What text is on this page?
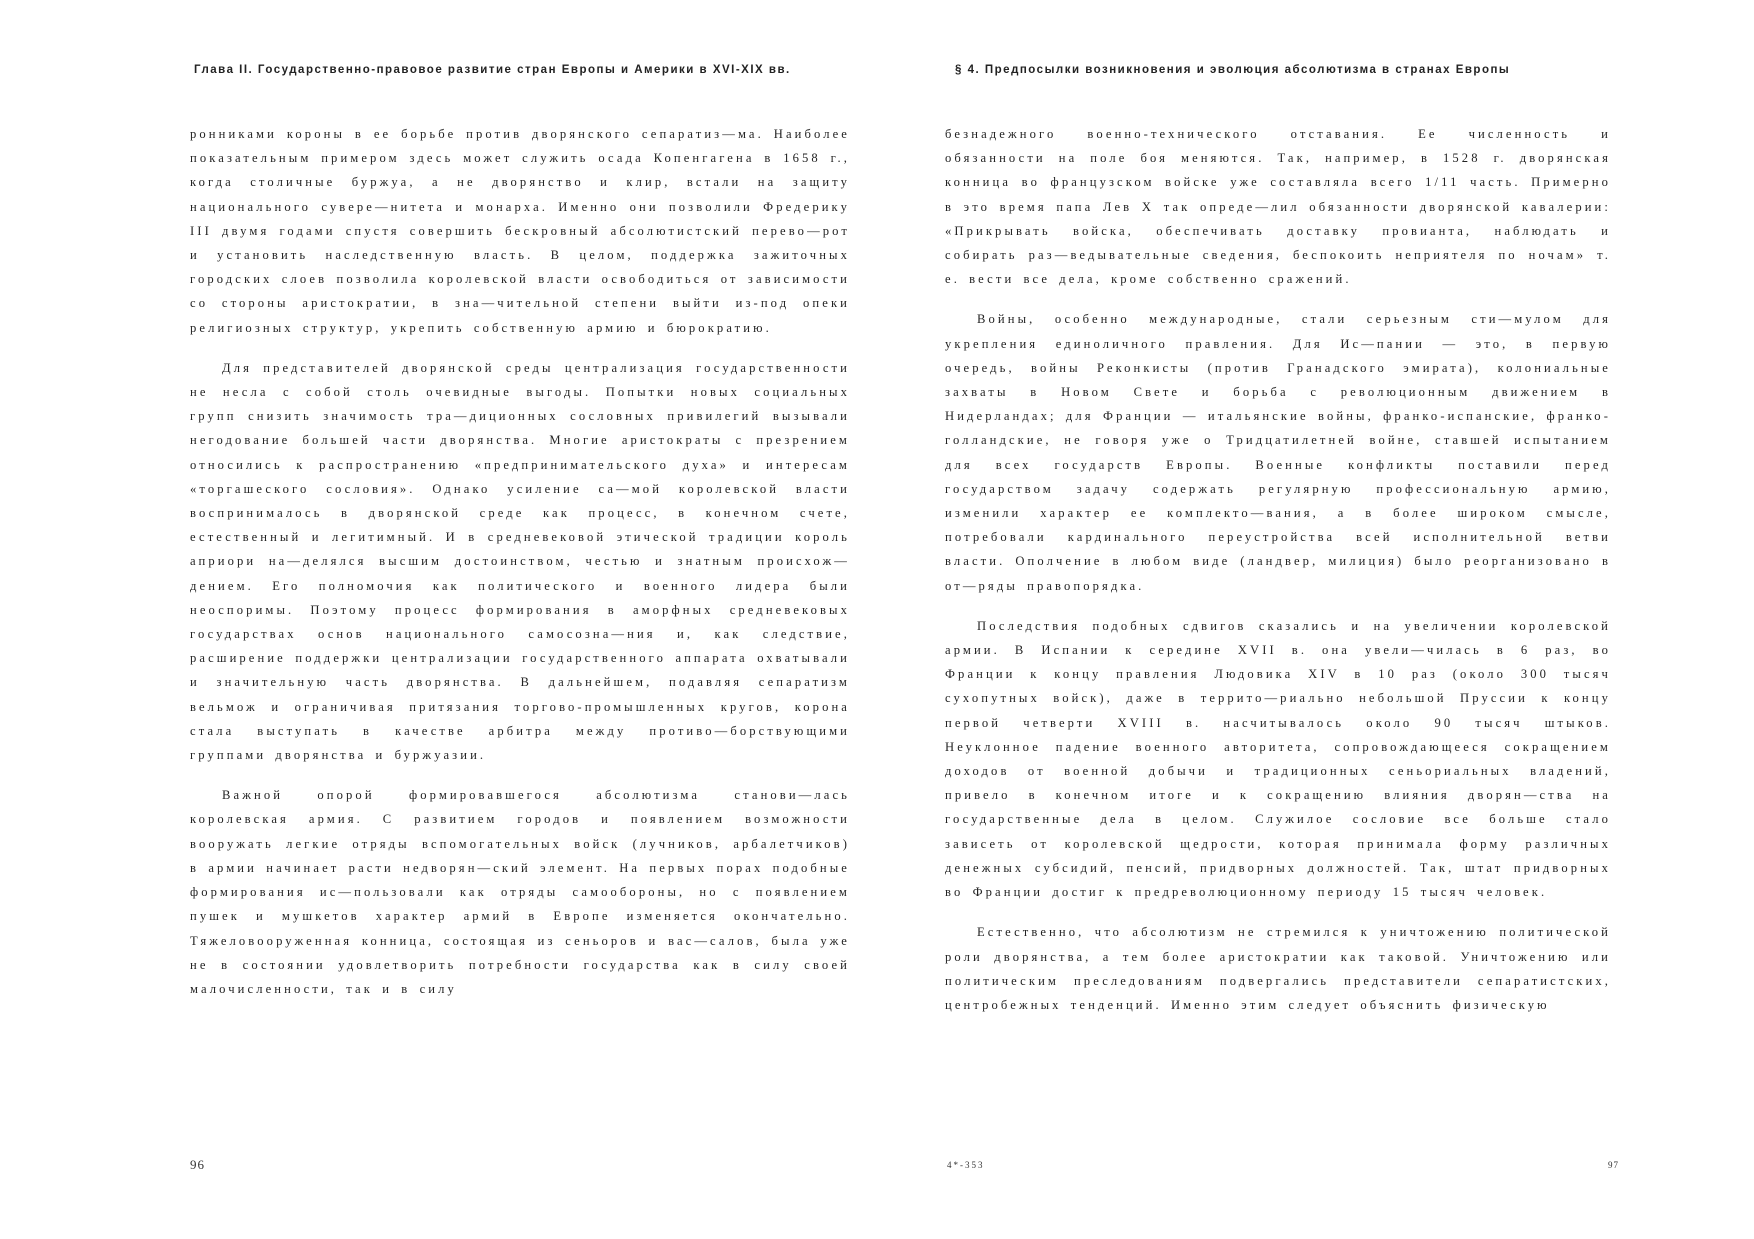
Глава II. Государственно-правовое развитие стран Европы и Америки в XVI-XIX вв.

ронниками короны в ее борьбе против дворянского сепаратиз—ма. Наиболее показательным примером здесь может служить осада Копенгагена в 1658 г., когда столичные буржуа, а не дворянство и клир, встали на защиту национального сувере—нитета и монарха. Именно они позволили Фредерику III двумя годами спустя совершить бескровный абсолютистский перево—рот и установить наследственную власть. В целом, поддержка зажиточных городских слоев позволила королевской власти освободиться от зависимости со стороны аристократии, в зна—чительной степени выйти из-под опеки религиозных структур, укрепить собственную армию и бюрократию.

Для представителей дворянской среды централизация государственности не несла с собой столь очевидные выгоды. Попытки новых социальных групп снизить значимость тра—диционных сословных привилегий вызывали негодование большей части дворянства. Многие аристократы с презрением относились к распространению «предпринимательского духа» и интересам «торгашеского сословия». Однако усиление са—мой королевской власти воспринималось в дворянской среде как процесс, в конечном счете, естественный и легитимный. И в средневековой этической традиции король априори на—делялся высшим достоинством, честью и знатным происхож—дением. Его полномочия как политического и военного лидера были неоспоримы. Поэтому процесс формирования в аморфных средневековых государствах основ национального самосозна—ния и, как следствие, расширение поддержки централизации государственного аппарата охватывали и значительную часть дворянства. В дальнейшем, подавляя сепаратизм вельмож и ограничивая притязания торгово-промышленных кругов, корона стала выступать в качестве арбитра между противо—борствующими группами дворянства и буржуазии.

Важной опорой формировавшегося абсолютизма станови—лась королевская армия. С развитием городов и появлением возможности вооружать легкие отряды вспомогательных войск (лучников, арбалетчиков) в армии начинает расти недворян—ский элемент. На первых порах подобные формирования ис—пользовали как отряды самообороны, но с появлением пушек и мушкетов характер армий в Европе изменяется окончательно. Тяжеловооруженная конница, состоящая из сеньоров и вас—салов, была уже не в состоянии удовлетворить потребности государства как в силу своей малочисленности, так и в силу

96
§ 4. Предпосылки возникновения и эволюция абсолютизма в странах Европы

безнадежного военно-технического отставания. Ее численность и обязанности на поле боя меняются. Так, например, в 1528 г. дворянская конница во французском войске уже составляла всего 1/11 часть. Примерно в это время папа Лев X так опреде—лил обязанности дворянской кавалерии: «Прикрывать войска, обеспечивать доставку провианта, наблюдать и собирать раз—ведывательные сведения, беспокоить неприятеля по ночам» т. е. вести все дела, кроме собственно сражений.

Войны, особенно международные, стали серьезным сти—мулом для укрепления единоличного правления. Для Ис—пании — это, в первую очередь, войны Реконкисты (против Гранадского эмирата), колониальные захваты в Новом Свете и борьба с революционным движением в Нидерландах; для Франции — итальянские войны, франко-испанские, франко-голландские, не говоря уже о Тридцатилетней войне, ставшей испытанием для всех государств Европы. Военные конфликты поставили перед государством задачу содержать регулярную профессиональную армию, изменили характер ее комплекто—вания, а в более широком смысле, потребовали кардинального переустройства всей исполнительной ветви власти. Ополчение в любом виде (ландвер, милиция) было реорганизовано в от—ряды правопорядка.

Последствия подобных сдвигов сказались и на увеличении королевской армии. В Испании к середине XVII в. она увели—чилась в 6 раз, во Франции к концу правления Людовика XIV в 10 раз (около 300 тысяч сухопутных войск), даже в террито—риально небольшой Пруссии к концу первой четверти XVIII в. насчитывалось около 90 тысяч штыков. Неуклонное падение военного авторитета, сопровождающееся сокращением доходов от военной добычи и традиционных сеньориальных владений, привело в конечном итоге и к сокращению влияния дворян—ства на государственные дела в целом. Служилое сословие все больше стало зависеть от королевской щедрости, которая принимала форму различных денежных субсидий, пенсий, придворных должностей. Так, штат придворных во Франции достиг к предреволюционному периоду 15 тысяч человек.

Естественно, что абсолютизм не стремился к уничтожению политической роли дворянства, а тем более аристократии как таковой. Уничтожению или политическим преследованиям подвергались представители сепаратистских, центробежных тенденций. Именно этим следует объяснить физическую

4*-353	97
